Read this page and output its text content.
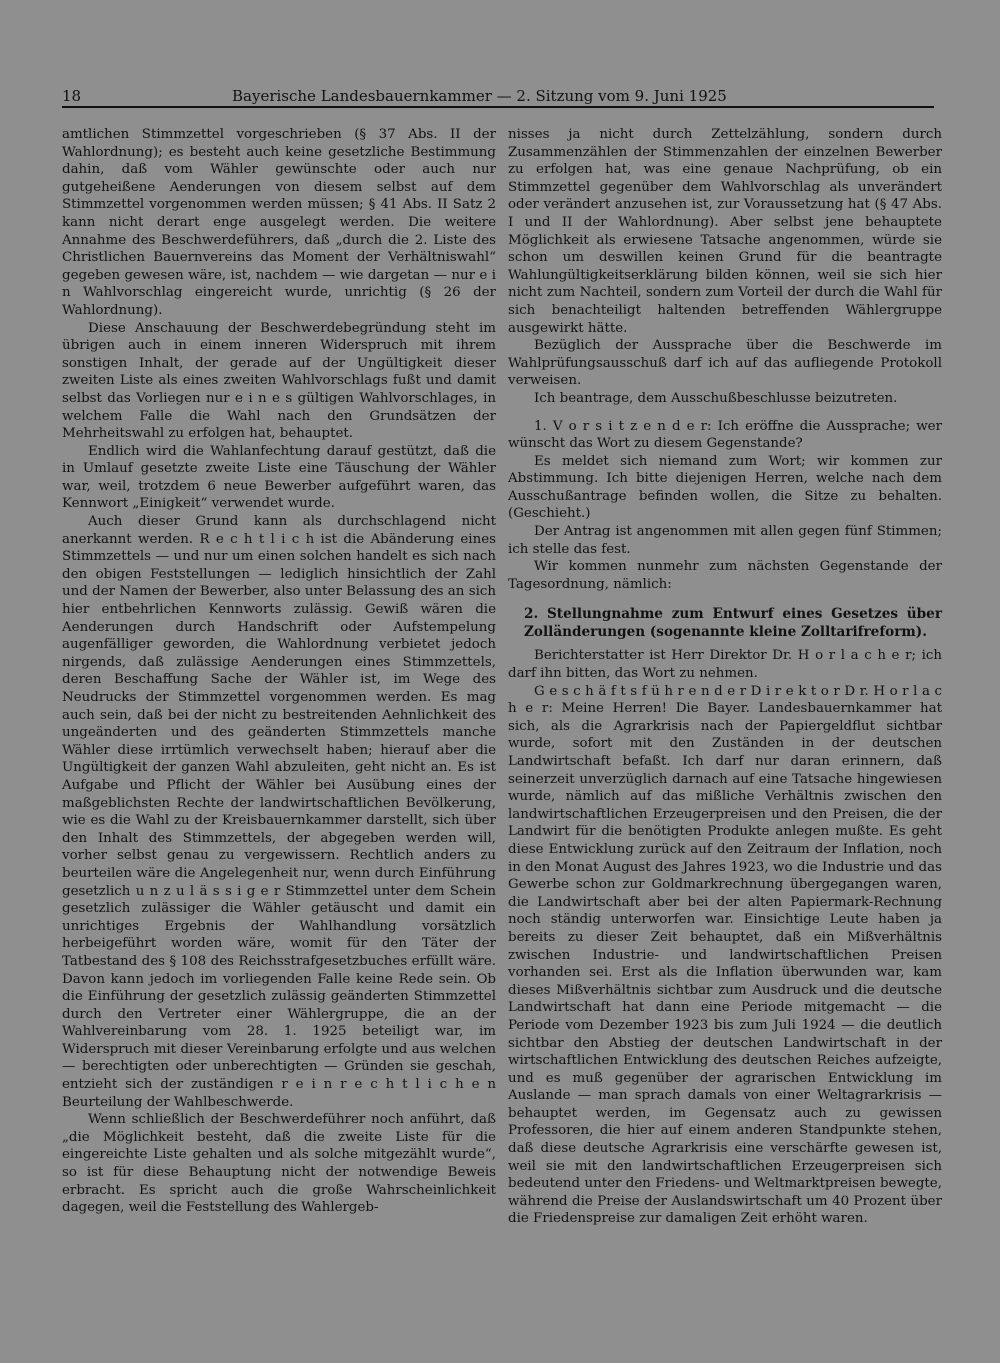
18	Bayerische Landesbauernkammer — 2. Sitzung vom 9. Juni 1925

amtlichen Stimmzettel vorgeschrieben (§ 37 Abs. II der Wahlordnung); es besteht auch keine gesetzliche Bestimmung dahin, daß vom Wähler gewünschte oder auch nur gutgeheißene Aenderungen von diesem selbst auf dem Stimmzettel vorgenommen werden müssen; § 41 Abs. II Satz 2 kann nicht derart enge ausgelegt werden. Die weitere Annahme des Beschwerdeführers, daß „durch die 2. Liste des Christlichen Bauernvereins das Moment der Verhältniswahl“ gegeben gewesen wäre, ist, nachdem — wie dargetan — nur e i n Wahlvorschlag eingereicht wurde, unrichtig (§ 26 der Wahlordnung).

Diese Anschauung der Beschwerdebegründung steht im übrigen auch in einem inneren Widerspruch mit ihrem sonstigen Inhalt, der gerade auf der Ungültigkeit dieser zweiten Liste als eines zweiten Wahlvorschlags fußt und damit selbst das Vorliegen nur e i n e s gültigen Wahlvorschlages, in welchem Falle die Wahl nach den Grundsätzen der Mehrheitswahl zu erfolgen hat, behauptet.

Endlich wird die Wahlanfechtung darauf gestützt, daß die in Umlauf gesetzte zweite Liste eine Täuschung der Wähler war, weil, trotzdem 6 neue Bewerber aufgeführt waren, das Kennwort „Einigkeit“ verwendet wurde.

Auch dieser Grund kann als durchschlagend nicht anerkannt werden. R e c h t l i c h ist die Abänderung eines Stimmzettels — und nur um einen solchen handelt es sich nach den obigen Feststellungen — lediglich hinsichtlich der Zahl und der Namen der Bewerber, also unter Belassung des an sich hier entbehrlichen Kennworts zulässig. Gewiß wären die Aenderungen durch Handschrift oder Aufstempelung augenfälliger geworden, die Wahlordnung verbietet jedoch nirgends, daß zulässige Aenderungen eines Stimmzettels, deren Beschaffung Sache der Wähler ist, im Wege des Neudrucks der Stimmzettel vorgenommen werden. Es mag auch sein, daß bei der nicht zu bestreitenden Aehnlichkeit des ungeänderten und des geänderten Stimmzettels manche Wähler diese irrtümlich verwechselt haben; hierauf aber die Ungültigkeit der ganzen Wahl abzuleiten, geht nicht an. Es ist Aufgabe und Pflicht der Wähler bei Ausübung eines der maßgeblichsten Rechte der landwirtschaftlichen Bevölkerung, wie es die Wahl zu der Kreisbauernkammer darstellt, sich über den Inhalt des Stimmzettels, der abgegeben werden will, vorher selbst genau zu vergewissern. Rechtlich anders zu beurteilen wäre die Angelegenheit nur, wenn durch Einführung gesetzlich u n z u l ä s s i g e r Stimmzettel unter dem Schein gesetzlich zulässiger die Wähler getäuscht und damit ein unrichtiges Ergebnis der Wahlhandlung vorsätzlich herbeigeführt worden wäre, womit für den Täter der Tatbestand des § 108 des Reichsstrafgesetzbuches erfüllt wäre. Davon kann jedoch im vorliegenden Falle keine Rede sein. Ob die Einführung der gesetzlich zulässig geänderten Stimmzettel durch den Vertreter einer Wählergruppe, die an der Wahlvereinbarung vom 28. 1. 1925 beteiligt war, im Widerspruch mit dieser Vereinbarung erfolgte und aus welchen — berechtigten oder unberechtigten — Gründen sie geschah, entzieht sich der zuständigen r e i n r e c h t l i c h e n Beurteilung der Wahlbeschwerde.

Wenn schließlich der Beschwerdeführer noch anführt, daß „die Möglichkeit besteht, daß die zweite Liste für die eingereichte Liste gehalten und als solche mitgezählt wurde“, so ist für diese Behauptung nicht der notwendige Beweis erbracht. Es spricht auch die große Wahrscheinlichkeit dagegen, weil die Feststellung des Wahlergeb-

nisses ja nicht durch Zettelzählung, sondern durch Zusammenzählen der Stimmenzahlen der einzelnen Bewerber zu erfolgen hat, was eine genaue Nachprüfung, ob ein Stimmzettel gegenüber dem Wahlvorschlag als unverändert oder verändert anzusehen ist, zur Voraussetzung hat (§ 47 Abs. I und II der Wahlordnung). Aber selbst jene behauptete Möglichkeit als erwiesene Tatsache angenommen, würde sie schon um deswillen keinen Grund für die beantragte Wahlungültigkeitserklärung bilden können, weil sie sich hier nicht zum Nachteil, sondern zum Vorteil der durch die Wahl für sich benachteiligt haltenden betreffenden Wählergruppe ausgewirkt hätte.

Bezüglich der Aussprache über die Beschwerde im Wahlprüfungsausschuß darf ich auf das aufliegende Protokoll verweisen.

Ich beantrage, dem Ausschußbeschlusse beizutreten.

1. V o r s i t z e n d e r: Ich eröffne die Aussprache; wer wünscht das Wort zu diesem Gegenstande?

Es meldet sich niemand zum Wort; wir kommen zur Abstimmung. Ich bitte diejenigen Herren, welche nach dem Ausschußantrage befinden wollen, die Sitze zu behalten. (Geschieht.)

Der Antrag ist angenommen mit allen gegen fünf Stimmen; ich stelle das fest.

Wir kommen nunmehr zum nächsten Gegenstande der Tagesordnung, nämlich:

2. Stellungnahme zum Entwurf eines Gesetzes über Zolländerungen (sogenannte kleine Zolltarifreform).

Berichterstatter ist Herr Direktor Dr. H o r l a c h e r; ich darf ihn bitten, das Wort zu nehmen.

G e s c h ä f t s f ü h r e n d e r D i r e k t o r D r. H o r l a c h e r: Meine Herren! Die Bayer. Landesbauernkammer hat sich, als die Agrarkrisis nach der Papiergeldflut sichtbar wurde, sofort mit den Zuständen in der deutschen Landwirtschaft befaßt. Ich darf nur daran erinnern, daß seinerzeit unverzüglich darnach auf eine Tatsache hingewiesen wurde, nämlich auf das mißliche Verhältnis zwischen den landwirtschaftlichen Erzeugerpreisen und den Preisen, die der Landwirt für die benötigten Produkte anlegen mußte. Es geht diese Entwicklung zurück auf den Zeitraum der Inflation, noch in den Monat August des Jahres 1923, wo die Industrie und das Gewerbe schon zur Goldmarkrechnung übergegangen waren, die Landwirtschaft aber bei der alten Papiermark-Rechnung noch ständig unterworfen war. Einsichtige Leute haben ja bereits zu dieser Zeit behauptet, daß ein Mißverhältnis zwischen Industrie- und landwirtschaftlichen Preisen vorhanden sei. Erst als die Inflation überwunden war, kam dieses Mißverhältnis sichtbar zum Ausdruck und die deutsche Landwirtschaft hat dann eine Periode mitgemacht — die Periode vom Dezember 1923 bis zum Juli 1924 — die deutlich sichtbar den Abstieg der deutschen Landwirtschaft in der wirtschaftlichen Entwicklung des deutschen Reiches aufzeigte, und es muß gegenüber der agrarischen Entwicklung im Auslande — man sprach damals von einer Weltagrarkrisis — behauptet werden, im Gegensatz auch zu gewissen Professoren, die hier auf einem anderen Standpunkte stehen, daß diese deutsche Agrarkrisis eine verschärfte gewesen ist, weil sie mit den landwirtschaftlichen Erzeugerpreisen sich bedeutend unter den Friedens- und Weltmarktpreisen bewegte, während die Preise der Auslandswirtschaft um 40 Prozent über die Friedenspreise zur damaligen Zeit erhöht waren.
